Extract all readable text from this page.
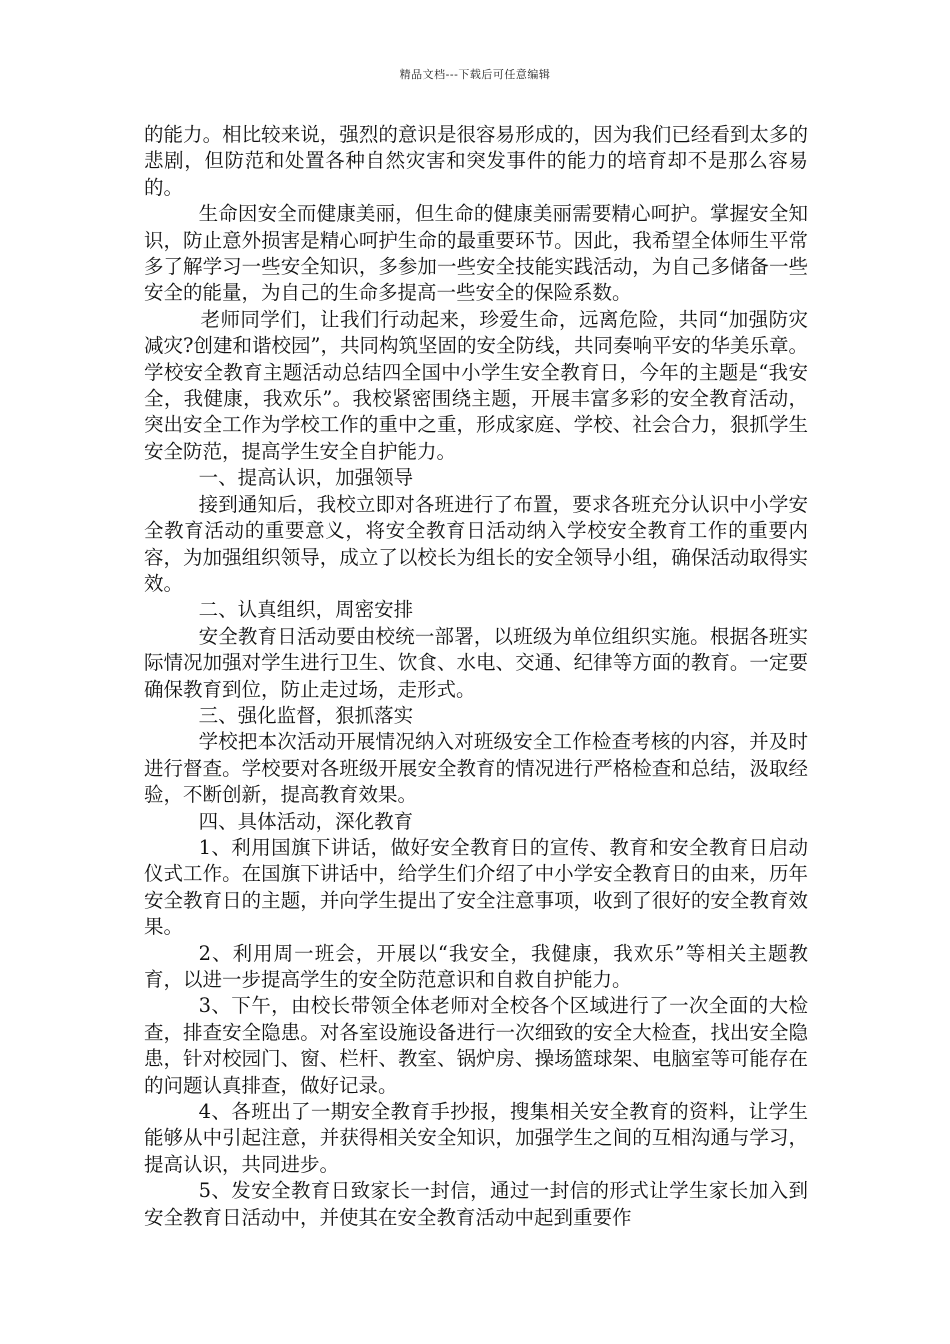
精品文档---下载后可任意编辑

的能力。相比较来说，强烈的意识是很容易形成的，因为我们已经看到太多的悲剧，但防范和处置各种自然灾害和突发事件的能力的培育却不是那么容易的。

生命因安全而健康美丽，但生命的健康美丽需要精心呵护。掌握安全知识，防止意外损害是精心呵护生命的最重要环节。因此，我希望全体师生平常多了解学习一些安全知识，多参加一些安全技能实践活动，为自己多储备一些安全的能量，为自己的生命多提高一些安全的保险系数。

老师同学们，让我们行动起来，珍爱生命，远离危险，共同“加强防灾减灾?创建和谐校园”，共同构筑坚固的安全防线，共同奏响平安的华美乐章。学校安全教育主题活动总结四全国中小学生安全教育日，今年的主题是“我安全，我健康，我欢乐”。我校紧密围绕主题，开展丰富多彩的安全教育活动，突出安全工作为学校工作的重中之重，形成家庭、学校、社会合力，狠抓学生安全防范，提高学生安全自护能力。

一、提高认识，加强领导

接到通知后，我校立即对各班进行了布置，要求各班充分认识中小学安全教育活动的重要意义，将安全教育日活动纳入学校安全教育工作的重要内容，为加强组织领导，成立了以校长为组长的安全领导小组，确保活动取得实效。

二、认真组织，周密安排

安全教育日活动要由校统一部署，以班级为单位组织实施。根据各班实际情况加强对学生进行卫生、饮食、水电、交通、纪律等方面的教育。一定要确保教育到位，防止走过场，走形式。

三、强化监督，狠抓落实

学校把本次活动开展情况纳入对班级安全工作检查考核的内容，并及时进行督查。学校要对各班级开展安全教育的情况进行严格检查和总结，汲取经验，不断创新，提高教育效果。

四、具体活动，深化教育

1、利用国旗下讲话，做好安全教育日的宣传、教育和安全教育日启动仪式工作。在国旗下讲话中，给学生们介绍了中小学安全教育日的由来，历年安全教育日的主题，并向学生提出了安全注意事项，收到了很好的安全教育效果。

2、利用周一班会，开展以“我安全，我健康，我欢乐”等相关主题教育，以进一步提高学生的安全防范意识和自救自护能力。

3、下午，由校长带领全体老师对全校各个区域进行了一次全面的大检查，排查安全隐患。对各室设施设备进行一次细致的安全大检查，找出安全隐患，针对校园门、窗、栏杆、教室、锅炉房、操场篮球架、电脑室等可能存在的问题认真排查，做好记录。

4、各班出了一期安全教育手抄报，搜集相关安全教育的资料，让学生能够从中引起注意，并获得相关安全知识，加强学生之间的互相沟通与学习，提高认识，共同进步。

5、发安全教育日致家长一封信，通过一封信的形式让学生家长加入到安全教育日活动中，并使其在安全教育活动中起到重要作
